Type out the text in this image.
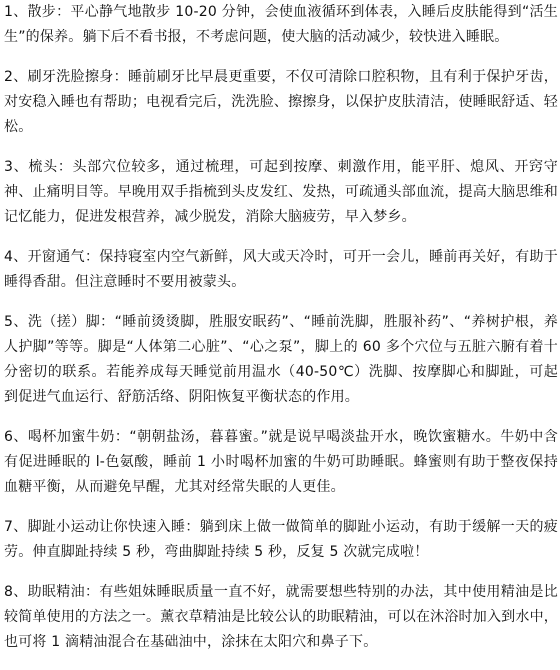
1、散步：平心静气地散步 10-20 分钟，会使血液循环到体表，入睡后皮肤能得到“活生生”的保养。躺下后不看书报，不考虑问题，使大脑的活动减少，较快进入睡眠。

2、刷牙洗脸擦身：睡前刷牙比早晨更重要，不仅可清除口腔积物，且有利于保护牙齿，对安稳入睡也有帮助；电视看完后，洗洗脸、擦擦身，以保护皮肤清洁，使睡眠舒适、轻松。

3、梳头：头部穴位较多，通过梳理，可起到按摩、刺激作用，能平肝、熄风、开窍守神、止痛明目等。早晚用双手指梳到头皮发红、发热，可疏通头部血流，提高大脑思维和记忆能力，促进发根营养，减少脱发，消除大脑疲劳，早入梦乡。

4、开窗通气：保持寝室内空气新鲜，风大或天冷时，可开一会儿，睡前再关好，有助于睡得香甜。但注意睡时不要用被蒙头。

5、洗（搓）脚：“睡前烫烫脚，胜服安眠药”、“睡前洗脚，胜服补药”、“养树护根，养人护脚”等等。脚是“人体第二心脏”、“心之泵”，脚上的 60 多个穴位与五脏六腑有着十分密切的联系。若能养成每天睡觉前用温水（40-50℃）洗脚、按摩脚心和脚趾，可起到促进气血运行、舒筋活络、阴阳恢复平衡状态的作用。

6、喝杯加蜜牛奶：“朝朝盐汤，暮暮蜜。”就是说早喝淡盐开水，晚饮蜜糖水。牛奶中含有促进睡眠的 l-色氨酸，睡前 1 小时喝杯加蜜的牛奶可助睡眠。蜂蜜则有助于整夜保持血糖平衡，从而避免早醒，尤其对经常失眠的人更佳。

7、脚趾小运动让你快速入睡：躺到床上做一做简单的脚趾小运动，有助于缓解一天的疲劳。伸直脚趾持续 5 秒，弯曲脚趾持续 5 秒，反复 5 次就完成啦！

8、助眠精油：有些姐妹睡眠质量一直不好，就需要想些特别的办法，其中使用精油是比较简单使用的方法之一。薰衣草精油是比较公认的助眠精油，可以在沐浴时加入到水中，也可将 1 滴精油混合在基础油中，涂抹在太阳穴和鼻子下。
